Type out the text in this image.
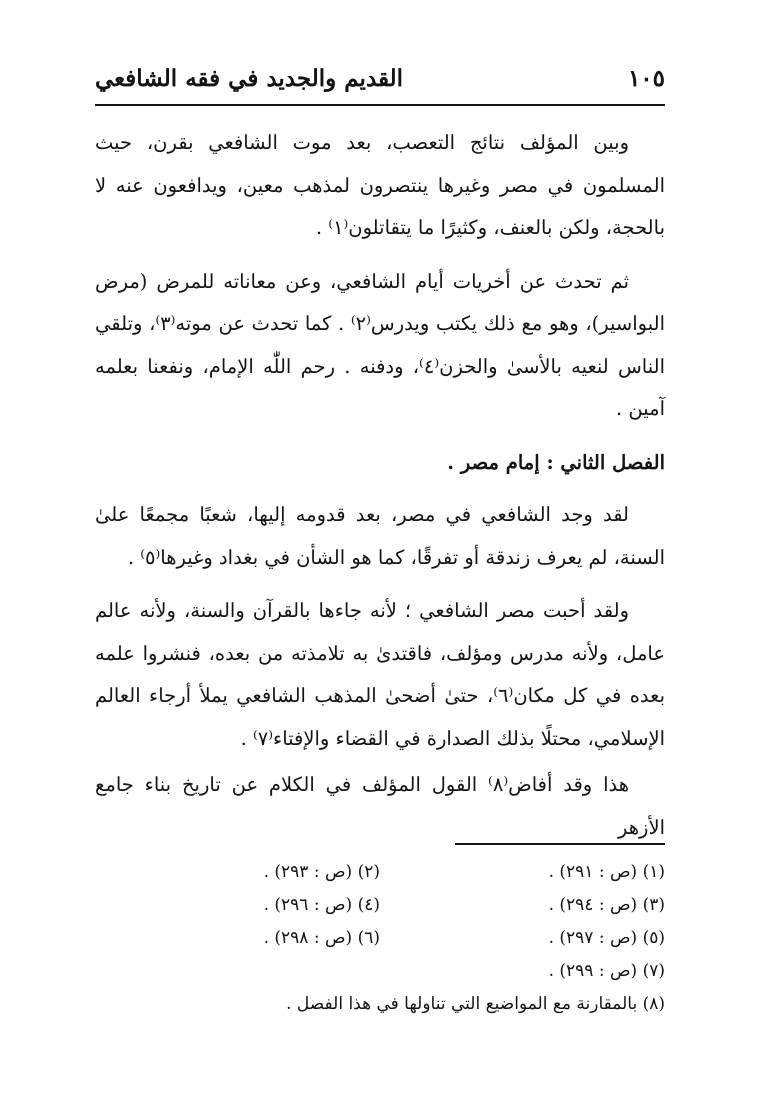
القديم والجديد في فقه الشافعي	١٠٥

وبين المؤلف نتائج التعصب، بعد موت الشافعي بقرن، حيث المسلمون في مصر وغيرها ينتصرون لمذهب معين، ويدافعون عنه لا بالحجة، ولكن بالعنف، وكثيرًا ما يتقاتلون⁽١⁾ .

ثم تحدث عن أخريات أيام الشافعي، وعن معاناته للمرض (مرض البواسير)، وهو مع ذلك يكتب ويدرس⁽٢⁾ . كما تحدث عن موته⁽٣⁾، وتلقي الناس لنعيه بالأسىٰ والحزن⁽٤⁾، ودفنه . رحم اللّٰه الإمام، ونفعنا بعلمه آمين .

الفصل الثاني : إمام مصر .

لقد وجد الشافعي في مصر، بعد قدومه إليها، شعبًا مجمعًا علىٰ السنة، لم يعرف زندقة أو تفرقًا، كما هو الشأن في بغداد وغيرها⁽٥⁾ .

ولقد أحبت مصر الشافعي ؛ لأنه جاءها بالقرآن والسنة، ولأنه عالم عامل، ولأنه مدرس ومؤلف، فاقتدىٰ به تلامذته من بعده، فنشروا علمه بعده في كل مكان⁽٦⁾، حتىٰ أضحىٰ المذهب الشافعي يملأ أرجاء العالم الإسلامي، محتلًا بذلك الصدارة في القضاء والإفتاء⁽٧⁾ .

هذا وقد أفاض⁽٨⁾ القول المؤلف في الكلام عن تاريخ بناء جامع الأزهر

(١) (ص : ٢٩١) .
(٢) (ص : ٢٩٣) .
(٣) (ص : ٢٩٤) .
(٤) (ص : ٢٩٦) .
(٥) (ص : ٢٩٧) .
(٦) (ص : ٢٩٨) .
(٧) (ص : ٢٩٩) .
(٨) بالمقارنة مع المواضيع التي تناولها في هذا الفصل .
